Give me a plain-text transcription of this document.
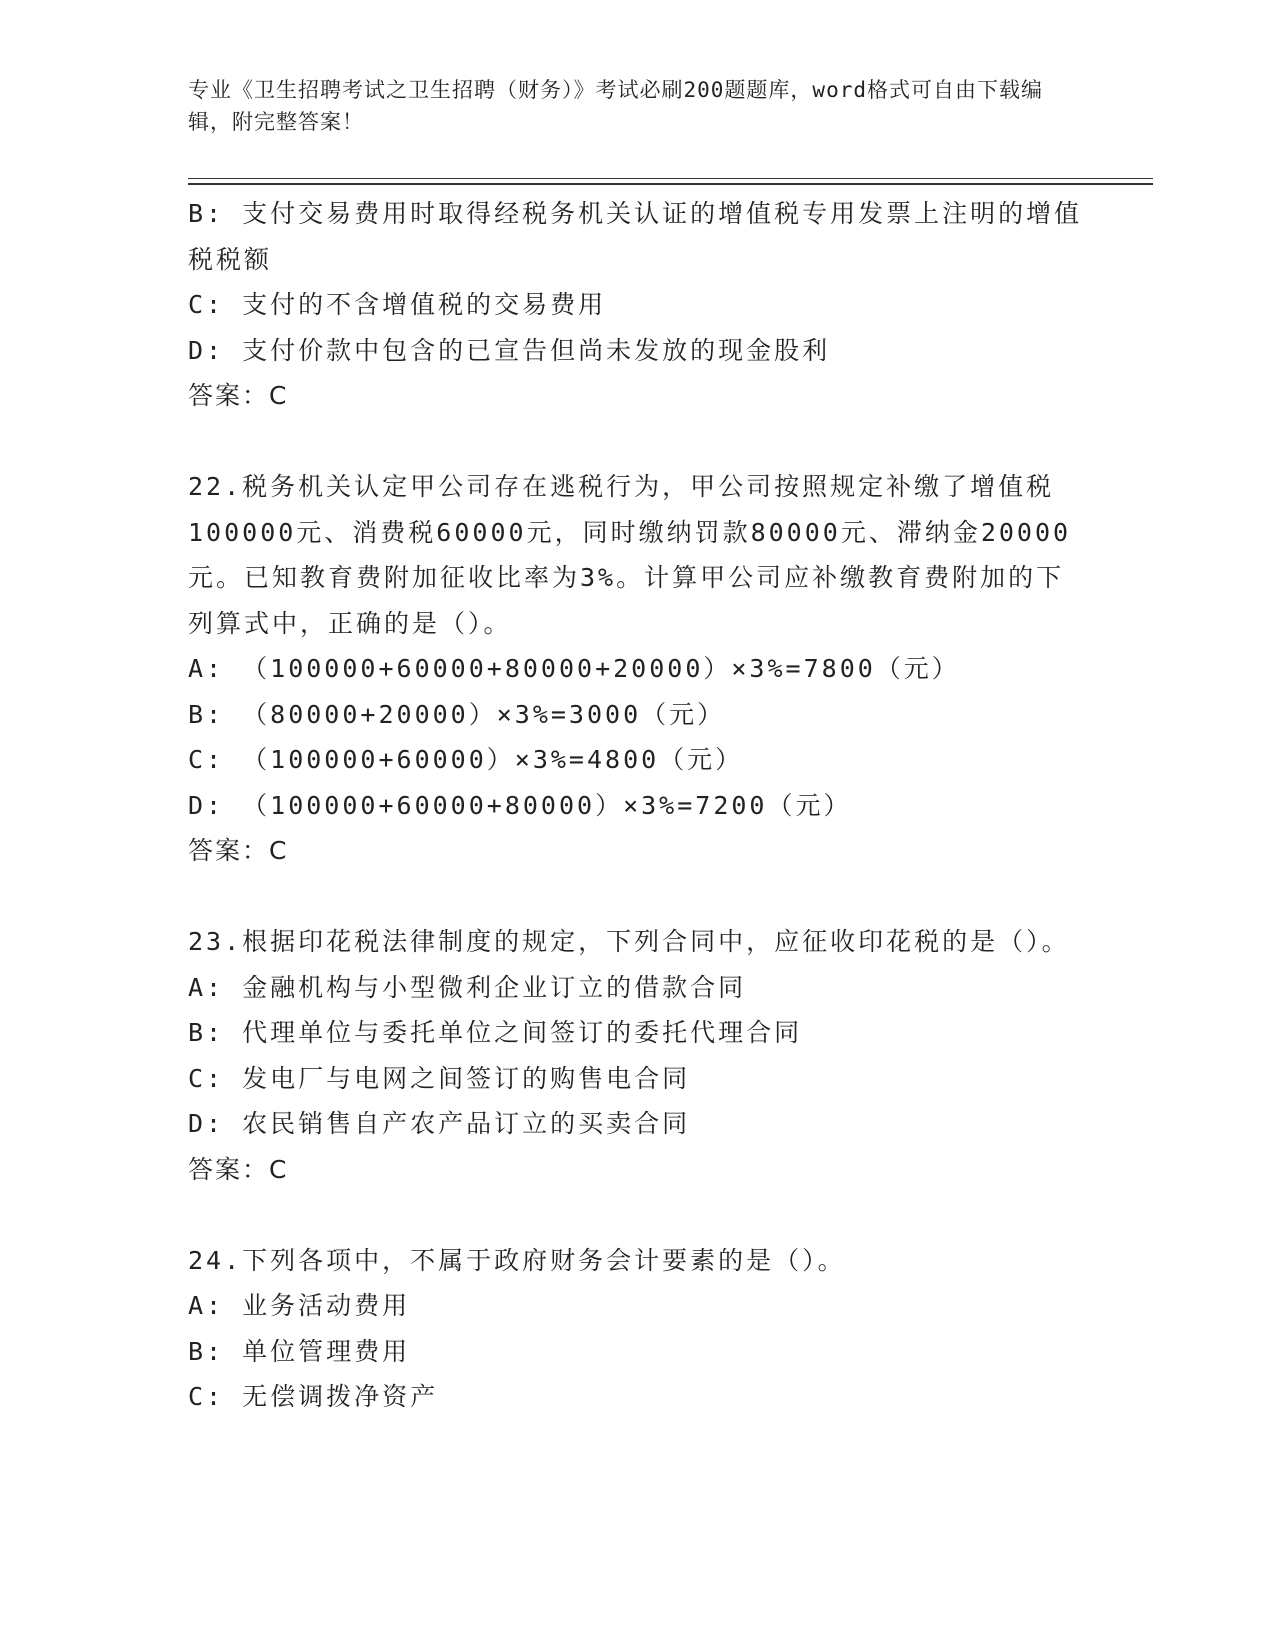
专业《卫生招聘考试之卫生招聘（财务）》考试必刷200题题库，word格式可自由下载编辑，附完整答案！
B: 支付交易费用时取得经税务机关认证的增值税专用发票上注明的增值税税额
C: 支付的不含增值税的交易费用
D: 支付价款中包含的已宣告但尚未发放的现金股利
答案：C
22.税务机关认定甲公司存在逃税行为，甲公司按照规定补缴了增值税100000元、消费税60000元，同时缴纳罚款80000元、滞纳金20000元。已知教育费附加征收比率为3%。计算甲公司应补缴教育费附加的下列算式中，正确的是（）。
A: （100000+60000+80000+20000）×3%=7800（元）
B: （80000+20000）×3%=3000（元）
C: （100000+60000）×3%=4800（元）
D: （100000+60000+80000）×3%=7200（元）
答案：C
23.根据印花税法律制度的规定，下列合同中，应征收印花税的是（）。
A: 金融机构与小型微利企业订立的借款合同
B: 代理单位与委托单位之间签订的委托代理合同
C: 发电厂与电网之间签订的购售电合同
D: 农民销售自产农产品订立的买卖合同
答案：C
24.下列各项中，不属于政府财务会计要素的是（）。
A: 业务活动费用
B: 单位管理费用
C: 无偿调拨净资产
